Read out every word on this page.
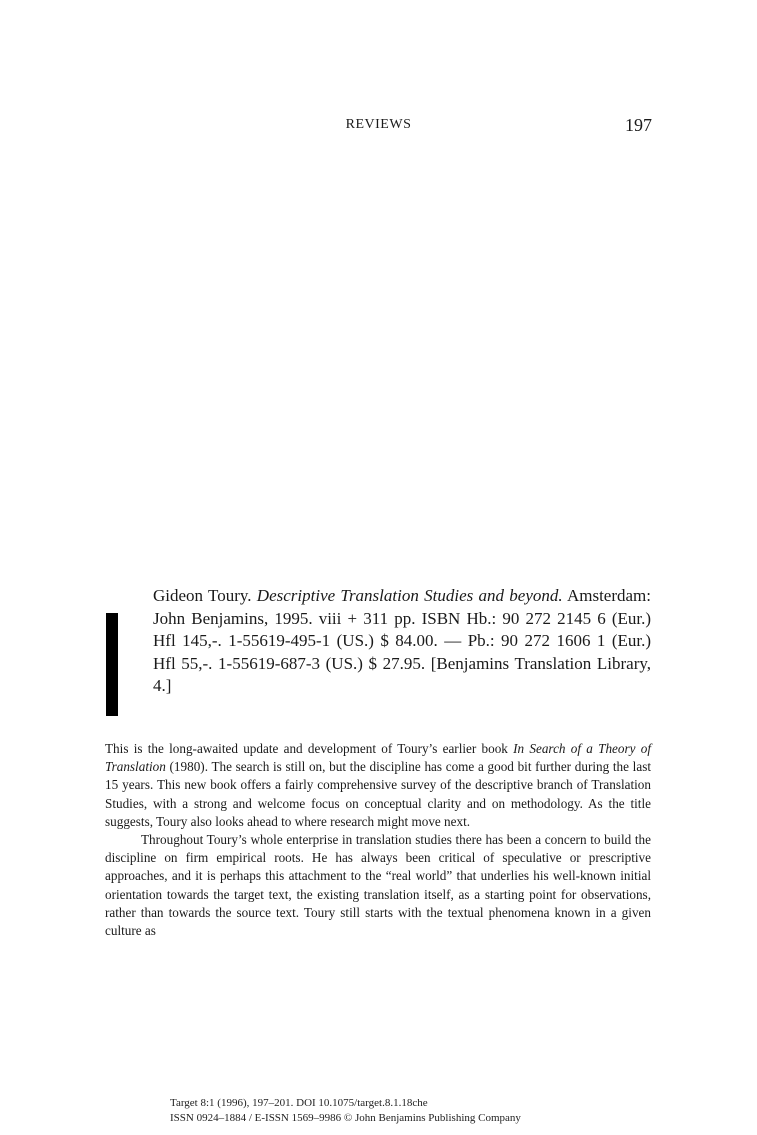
REVIEWS	197
Gideon Toury. Descriptive Translation Studies and beyond. Amsterdam: John Benjamins, 1995. viii + 311 pp. ISBN Hb.: 90 272 2145 6 (Eur.) Hfl 145,-. 1-55619-495-1 (US.) $ 84.00. — Pb.: 90 272 1606 1 (Eur.) Hfl 55,-. 1-55619-687-3 (US.) $ 27.95. [Benjamins Translation Library, 4.]

This is the long-awaited update and development of Toury’s earlier book In Search of a Theory of Translation (1980). The search is still on, but the discipline has come a good bit further during the last 15 years. This new book offers a fairly comprehensive survey of the descriptive branch of Translation Studies, with a strong and welcome focus on conceptual clarity and on methodology. As the title suggests, Toury also looks ahead to where research might move next.

Throughout Toury’s whole enterprise in translation studies there has been a concern to build the discipline on firm empirical roots. He has always been critical of speculative or prescriptive approaches, and it is perhaps this attachment to the “real world” that underlies his well-known initial orientation towards the target text, the existing translation itself, as a starting point for observations, rather than towards the source text. Toury still starts with the textual phenomena known in a given culture as

Target 8:1 (1996), 197–201. DOI 10.1075/target.8.1.18che
ISSN 0924–1884 / E-ISSN 1569–9986 © John Benjamins Publishing Company
